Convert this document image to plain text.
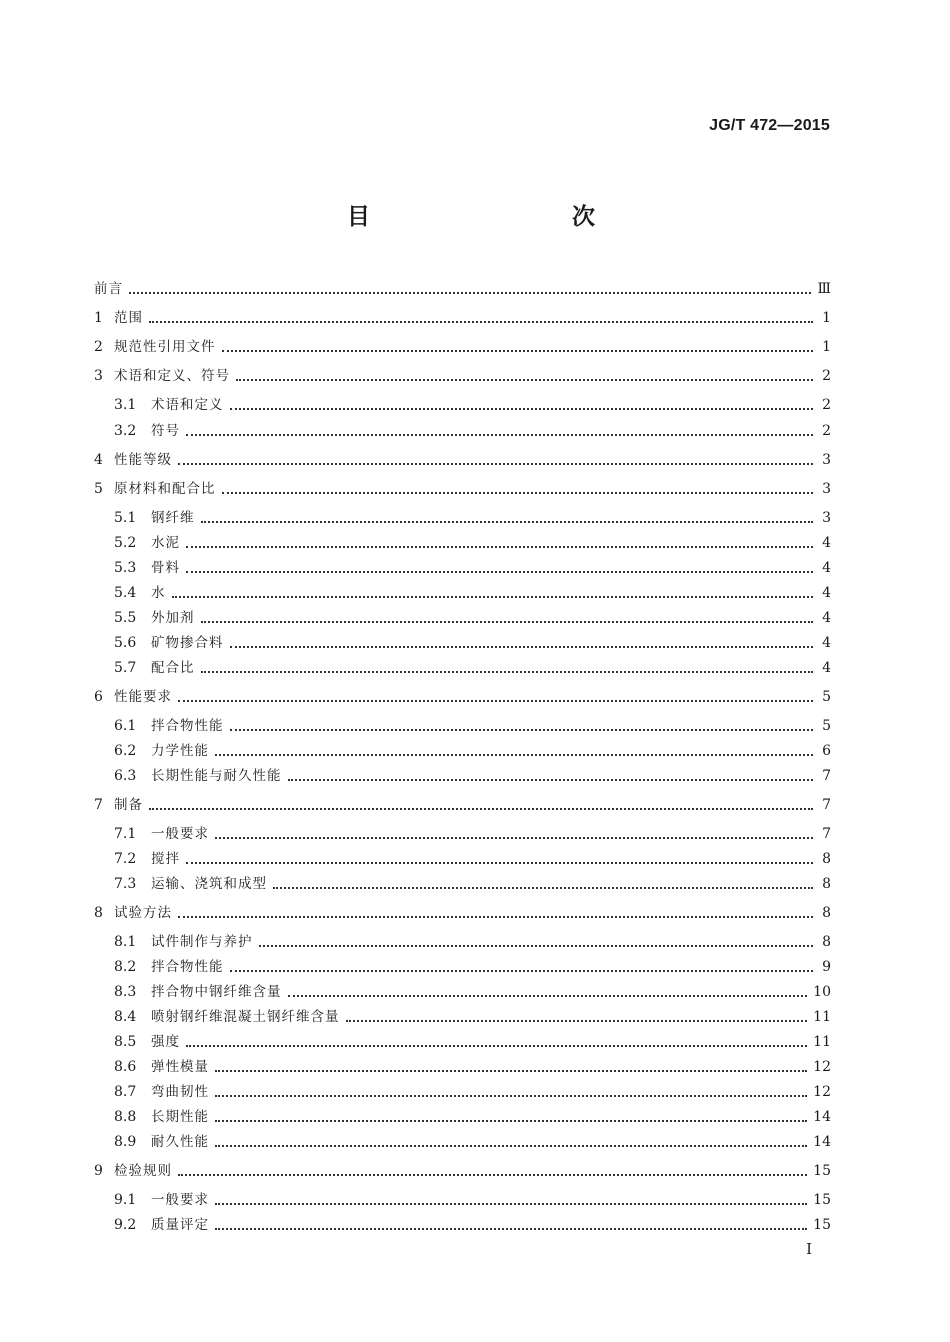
JG/T 472—2015
目　　次
前言	Ⅲ
1 范围	1
2 规范性引用文件	1
3 术语和定义、符号	2
3.1	术语和定义	2
3.2	符号	2
4 性能等级	3
5 原材料和配合比	3
5.1	钢纤维	3
5.2	水泥	4
5.3	骨料	4
5.4	水	4
5.5	外加剂	4
5.6	矿物掺合料	4
5.7	配合比	4
6 性能要求	5
6.1	拌合物性能	5
6.2	力学性能	6
6.3	长期性能与耐久性能	7
7 制备	7
7.1	一般要求	7
7.2	搅拌	8
7.3	运输、浇筑和成型	8
8 试验方法	8
8.1	试件制作与养护	8
8.2	拌合物性能	9
8.3	拌合物中钢纤维含量	10
8.4	喷射钢纤维混凝土钢纤维含量	11
8.5	强度	11
8.6	弹性模量	12
8.7	弯曲韧性	12
8.8	长期性能	14
8.9	耐久性能	14
9 检验规则	15
9.1	一般要求	15
9.2	质量评定	15
I
